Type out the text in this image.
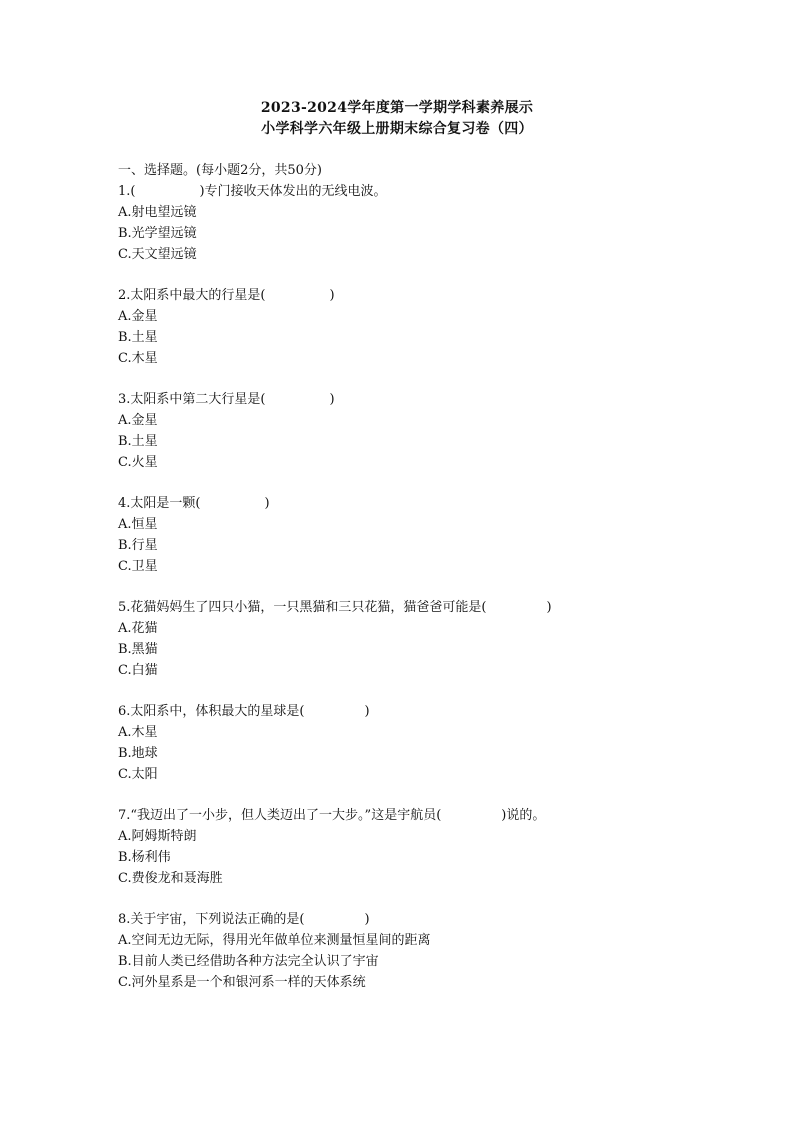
2023-2024学年度第一学期学科素养展示
小学科学六年级上册期末综合复习卷（四）
一、选择题。(每小题2分，共50分)
1.(	)专门接收天体发出的无线电波。
A.射电望远镜
B.光学望远镜
C.天文望远镜
2.太阳系中最大的行星是(	)
A.金星
B.土星
C.木星
3.太阳系中第二大行星是(	)
A.金星
B.土星
C.火星
4.太阳是一颗(	)
A.恒星
B.行星
C.卫星
5.花猫妈妈生了四只小猫，一只黑猫和三只花猫，猫爸爸可能是(	)
A.花猫
B.黑猫
C.白猫
6.太阳系中，体积最大的星球是(	)
A.木星
B.地球
C.太阳
7.“我迈出了一小步，但人类迈出了一大步。”这是宇航员(	)说的。
A.阿姆斯特朗
B.杨利伟
C.费俊龙和聂海胜
8.关于宇宙，下列说法正确的是(	)
A.空间无边无际，得用光年做单位来测量恒星间的距离
B.目前人类已经借助各种方法完全认识了宇宙
C.河外星系是一个和银河系一样的天体系统
